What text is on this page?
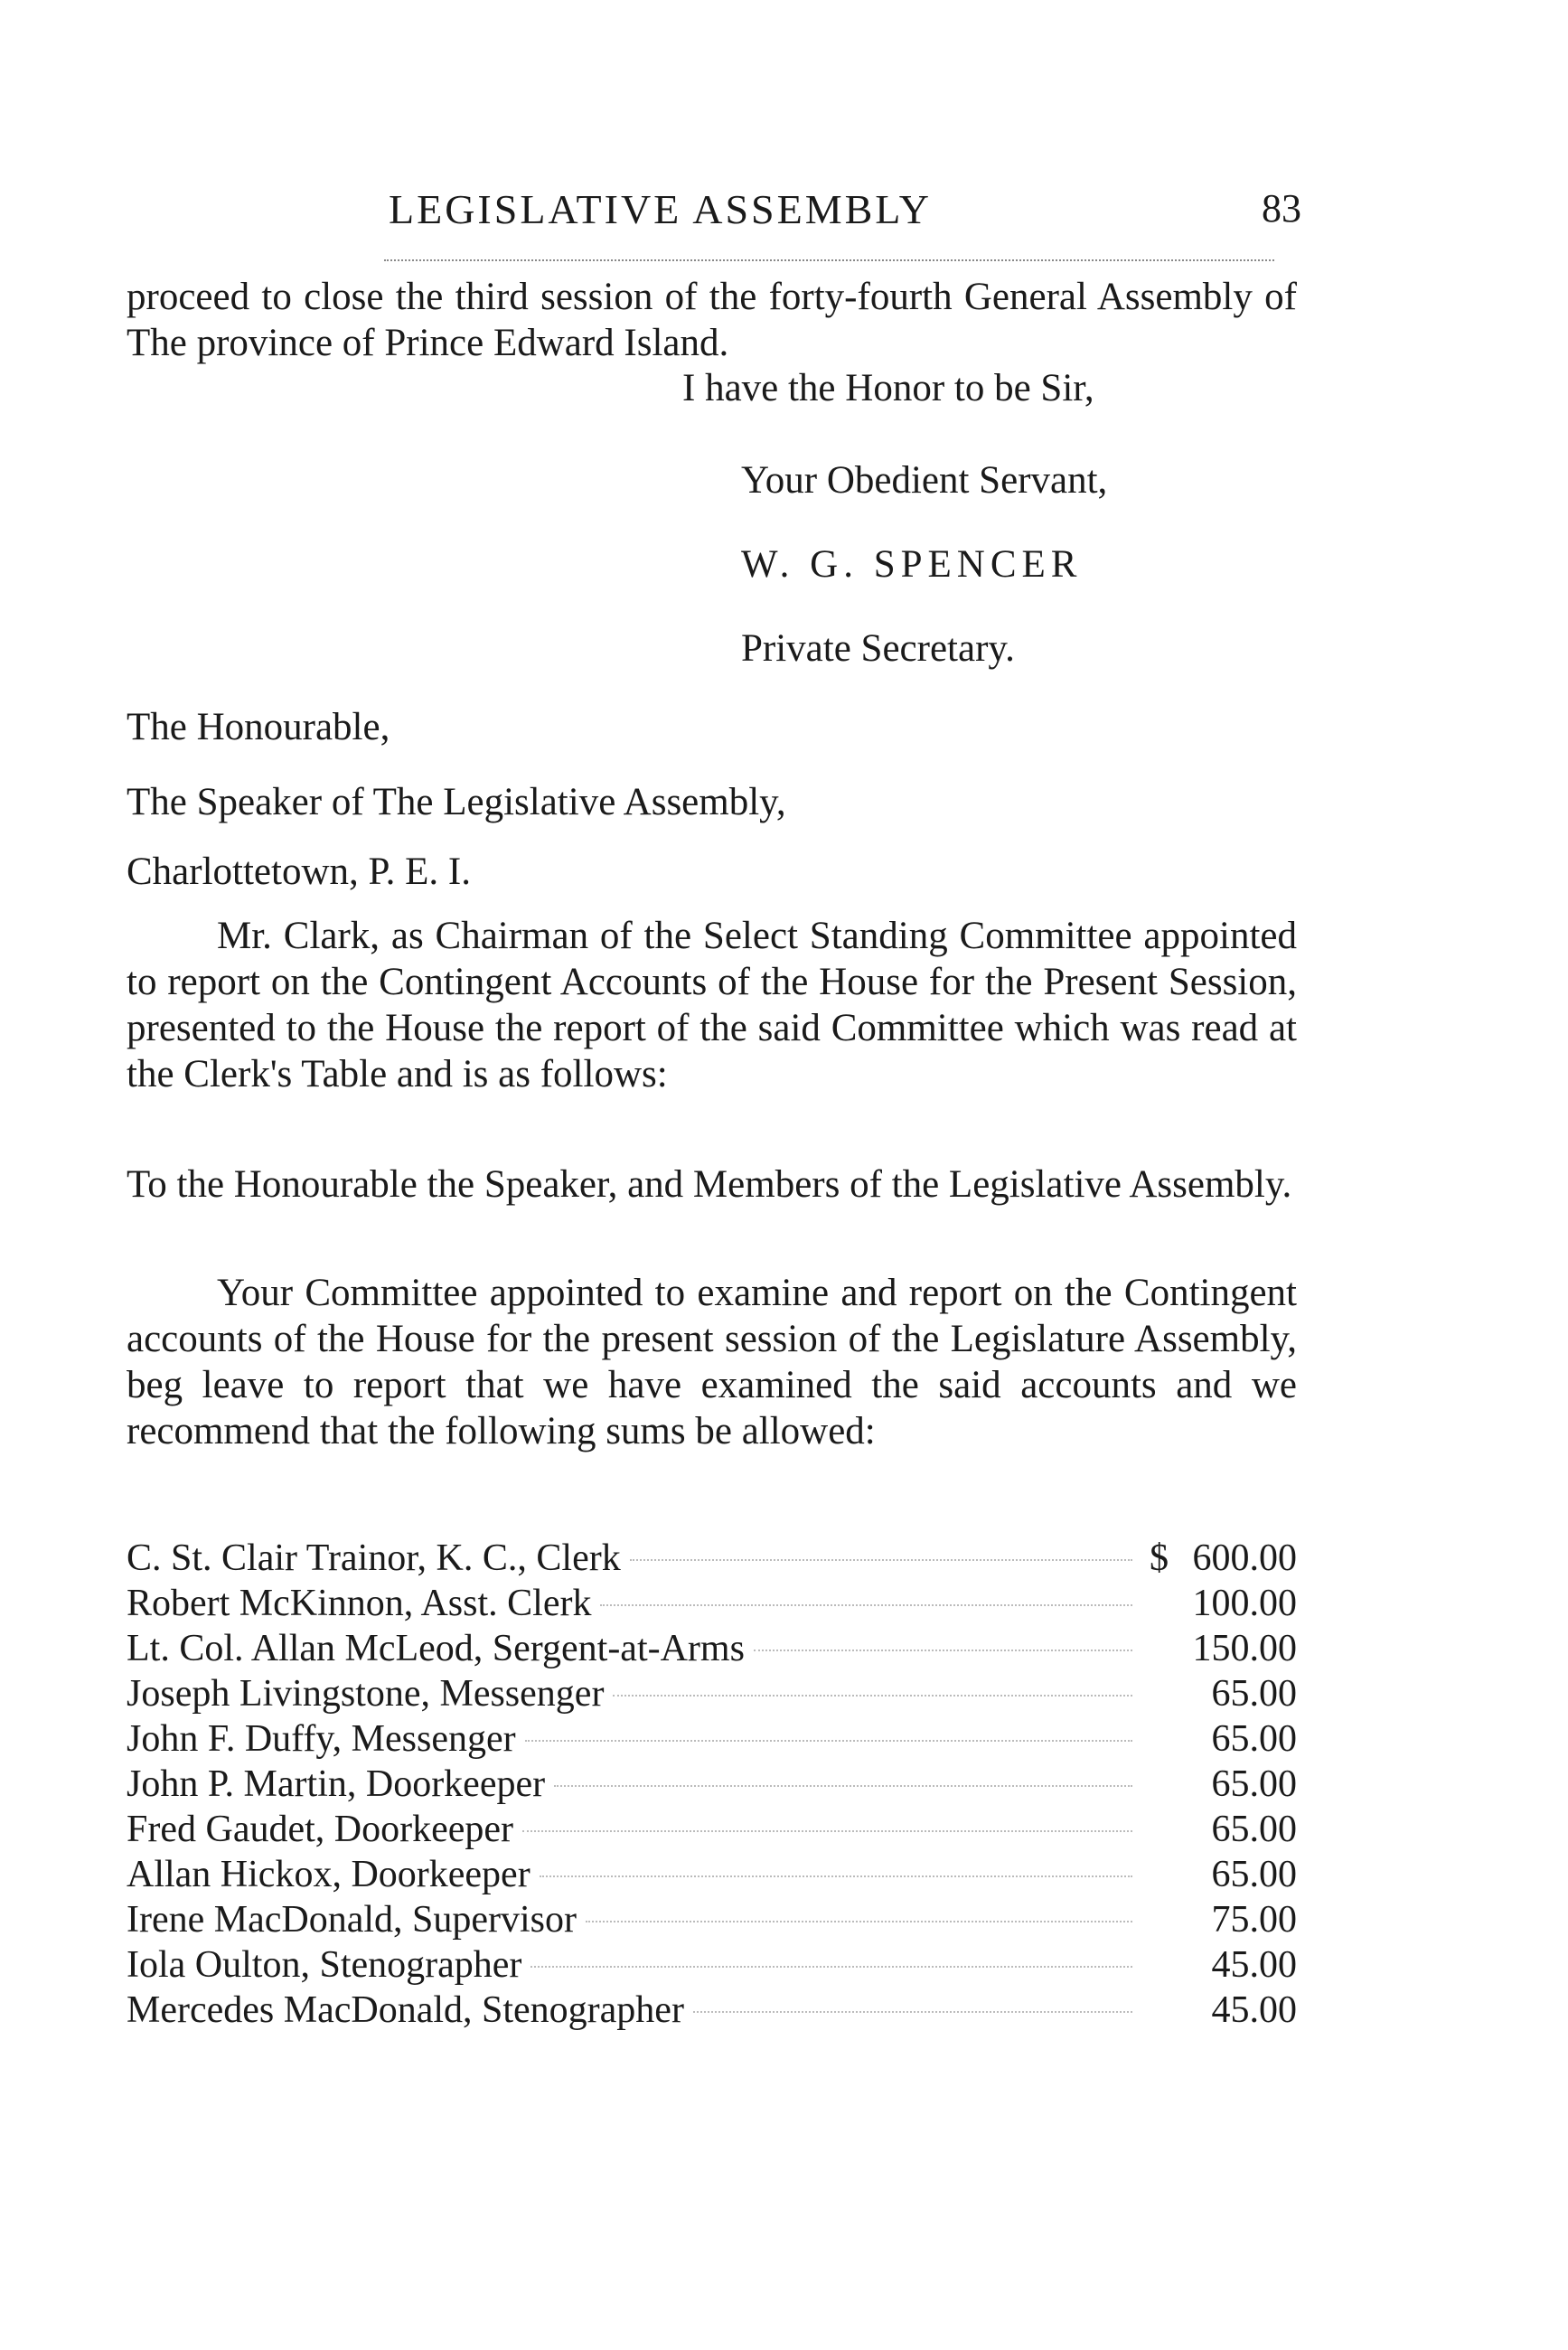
LEGISLATIVE ASSEMBLY	83

proceed to close the third session of the forty-fourth General Assembly of The province of Prince Edward Island.

I have the Honor to be Sir,
Your Obedient Servant,
W. G. SPENCER
Private Secretary.
The Honourable,
The Speaker of The Legislative Assembly,
Charlottetown, P. E. I.

Mr. Clark, as Chairman of the Select Standing Committee appointed to report on the Contingent Accounts of the House for the Present Session, presented to the House the report of the said Committee which was read at the Clerk's Table and is as follows:

To the Honourable the Speaker, and Members of the Legislative Assembly.

Your Committee appointed to examine and report on the Contingent accounts of the House for the present session of the Legislature Assembly, beg leave to report that we have examined the said accounts and we recommend that the following sums be allowed:

C. St. Clair Trainor, K. C., Clerk	$ 600.00
Robert McKinnon, Asst. Clerk	100.00
Lt. Col. Allan McLeod, Sergent-at-Arms	150.00
Joseph Livingstone, Messenger	65.00
John F. Duffy, Messenger	65.00
John P. Martin, Doorkeeper	65.00
Fred Gaudet, Doorkeeper	65.00
Allan Hickox, Doorkeeper	65.00
Irene MacDonald, Supervisor	75.00
Iola Oulton, Stenographer	45.00
Mercedes MacDonald, Stenographer	45.00
